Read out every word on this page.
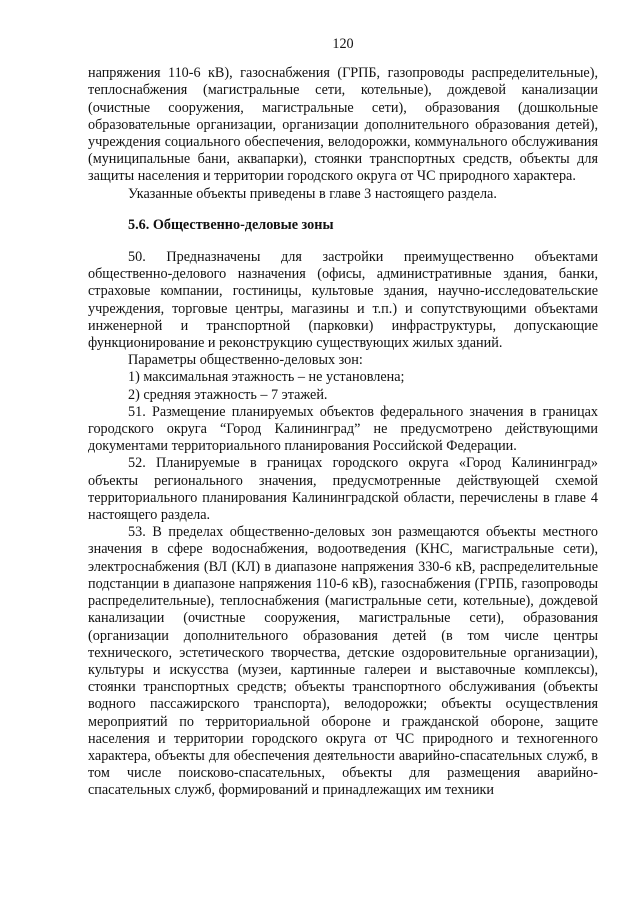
120

напряжения 110-6 кВ), газоснабжения (ГРПБ, газопроводы распределительные), теплоснабжения (магистральные сети, котельные), дождевой канализации (очистные сооружения, магистральные сети), образования (дошкольные образовательные организации, организации дополнительного образования детей), учреждения социального обеспечения, велодорожки, коммунального обслуживания (муниципальные бани, аквапарки), стоянки транспортных средств, объекты для защиты населения и территории городского округа от ЧС природного характера.

Указанные объекты приведены в главе 3 настоящего раздела.

5.6. Общественно-деловые зоны

50. Предназначены для застройки преимущественно объектами общественно-делового назначения (офисы, административные здания, банки, страховые компании, гостиницы, культовые здания, научно-исследовательские учреждения, торговые центры, магазины и т.п.) и сопутствующими объектами инженерной и транспортной (парковки) инфраструктуры, допускающие функционирование и реконструкцию существующих жилых зданий.

Параметры общественно-деловых зон:

1) максимальная этажность – не установлена;

2) средняя этажность – 7 этажей.

51. Размещение планируемых объектов федерального значения в границах городского округа “Город Калининград” не предусмотрено действующими документами территориального планирования Российской Федерации.

52. Планируемые в границах городского округа «Город Калининград» объекты регионального значения, предусмотренные действующей схемой территориального планирования Калининградской области, перечислены в главе 4 настоящего раздела.

53. В пределах общественно-деловых зон размещаются объекты местного значения в сфере водоснабжения, водоотведения (КНС, магистральные сети), электроснабжения (ВЛ (КЛ) в диапазоне напряжения 330-6 кВ, распределительные подстанции в диапазоне напряжения 110-6 кВ), газоснабжения (ГРПБ, газопроводы распределительные), теплоснабжения (магистральные сети, котельные), дождевой канализации (очистные сооружения, магистральные сети), образования (организации дополнительного образования детей (в том числе центры технического, эстетического творчества, детские оздоровительные организации), культуры и искусства (музеи, картинные галереи и выставочные комплексы), стоянки транспортных средств; объекты транспортного обслуживания (объекты водного пассажирского транспорта), велодорожки; объекты осуществления мероприятий по территориальной обороне и гражданской обороне, защите населения и территории городского округа от ЧС природного и техногенного характера, объекты для обеспечения деятельности аварийно-спасательных служб, в том числе поисково-спасательных, объекты для размещения аварийно-спасательных служб, формирований и принадлежащих им техники
